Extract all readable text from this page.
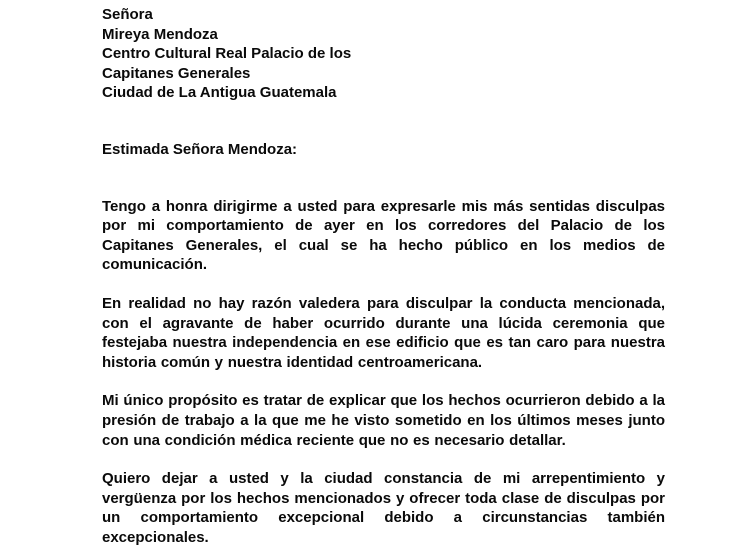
Señora
Mireya Mendoza
Centro Cultural Real Palacio de los
Capitanes Generales
Ciudad de La Antigua Guatemala

Estimada Señora Mendoza:

Tengo a honra dirigirme a usted para expresarle mis más sentidas disculpas por mi comportamiento de ayer en los corredores del Palacio de los Capitanes Generales, el cual se ha hecho público en los medios de comunicación.

En realidad no hay razón valedera para disculpar la conducta mencionada, con el agravante de haber ocurrido durante una lúcida ceremonia que festejaba nuestra independencia en ese edificio que es tan caro para nuestra historia común y nuestra identidad centroamericana.

Mi único propósito es tratar de explicar que los hechos ocurrieron debido a la presión de trabajo a la que me he visto sometido en los últimos meses junto con una condición médica reciente que no es necesario detallar.

Quiero dejar a usted y la ciudad constancia de mi arrepentimiento y vergüenza por los hechos mencionados y ofrecer toda clase de disculpas por un comportamiento excepcional debido a circunstancias también excepcionales.
